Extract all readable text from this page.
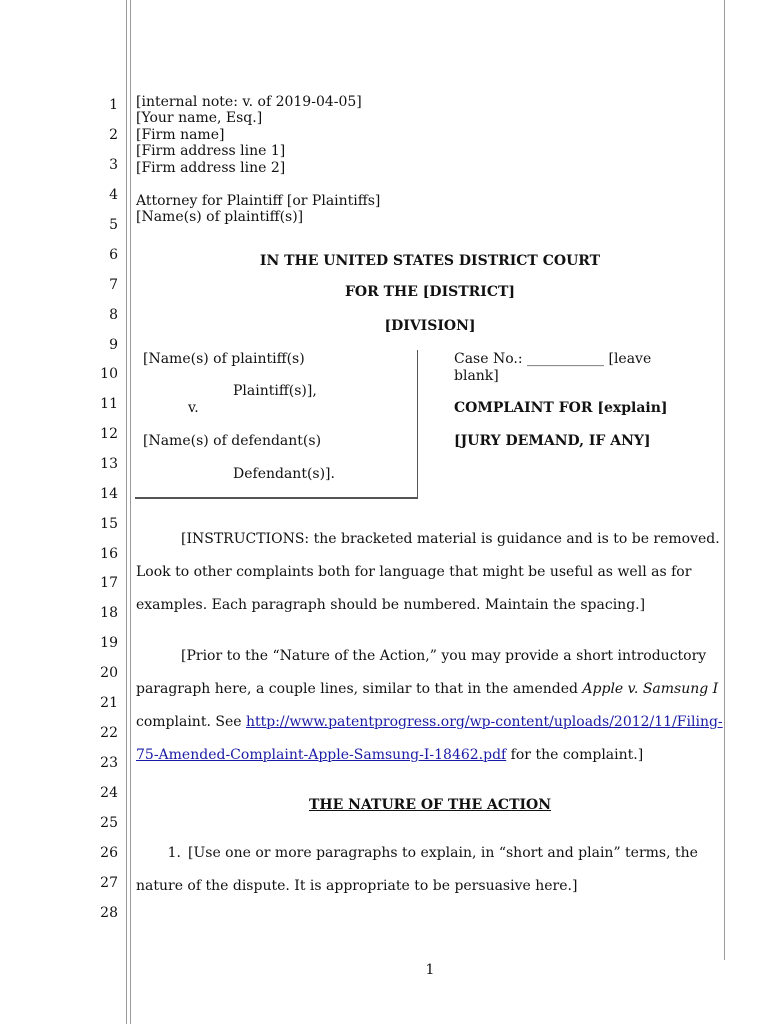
1
2
3
4
5
6
7
8
9
10
11
12
13
14
15
16
17
18
19
20
21
22
23
24
25
26
27
28
[internal note: v. of 2019-04-05]
[Your name, Esq.]
[Firm name]
[Firm address line 1]
[Firm address line 2]
Attorney for Plaintiff [or Plaintiffs]
[Name(s) of plaintiff(s)]
IN THE UNITED STATES DISTRICT COURT
FOR THE [DISTRICT]
[DIVISION]
[Name(s) of plaintiff(s)
Plaintiff(s)],
v.
[Name(s) of defendant(s)
Defendant(s)].
Case No.: ___________ [leave
blank]
COMPLAINT FOR [explain]
[JURY DEMAND, IF ANY]

[INSTRUCTIONS: the bracketed material is guidance and is to be removed.

Look to other complaints both for language that might be useful as well as for

examples. Each paragraph should be numbered. Maintain the spacing.]

[Prior to the “Nature of the Action,” you may provide a short introductory

paragraph here, a couple lines, similar to that in the amended Apple v. Samsung I

complaint. See http://www.patentprogress.org/wp-content/uploads/2012/11/Filing-

75-Amended-Complaint-Apple-Samsung-I-18462.pdf for the complaint.]

THE NATURE OF THE ACTION

1. [Use one or more paragraphs to explain, in “short and plain” terms, the

nature of the dispute. It is appropriate to be persuasive here.]

1
